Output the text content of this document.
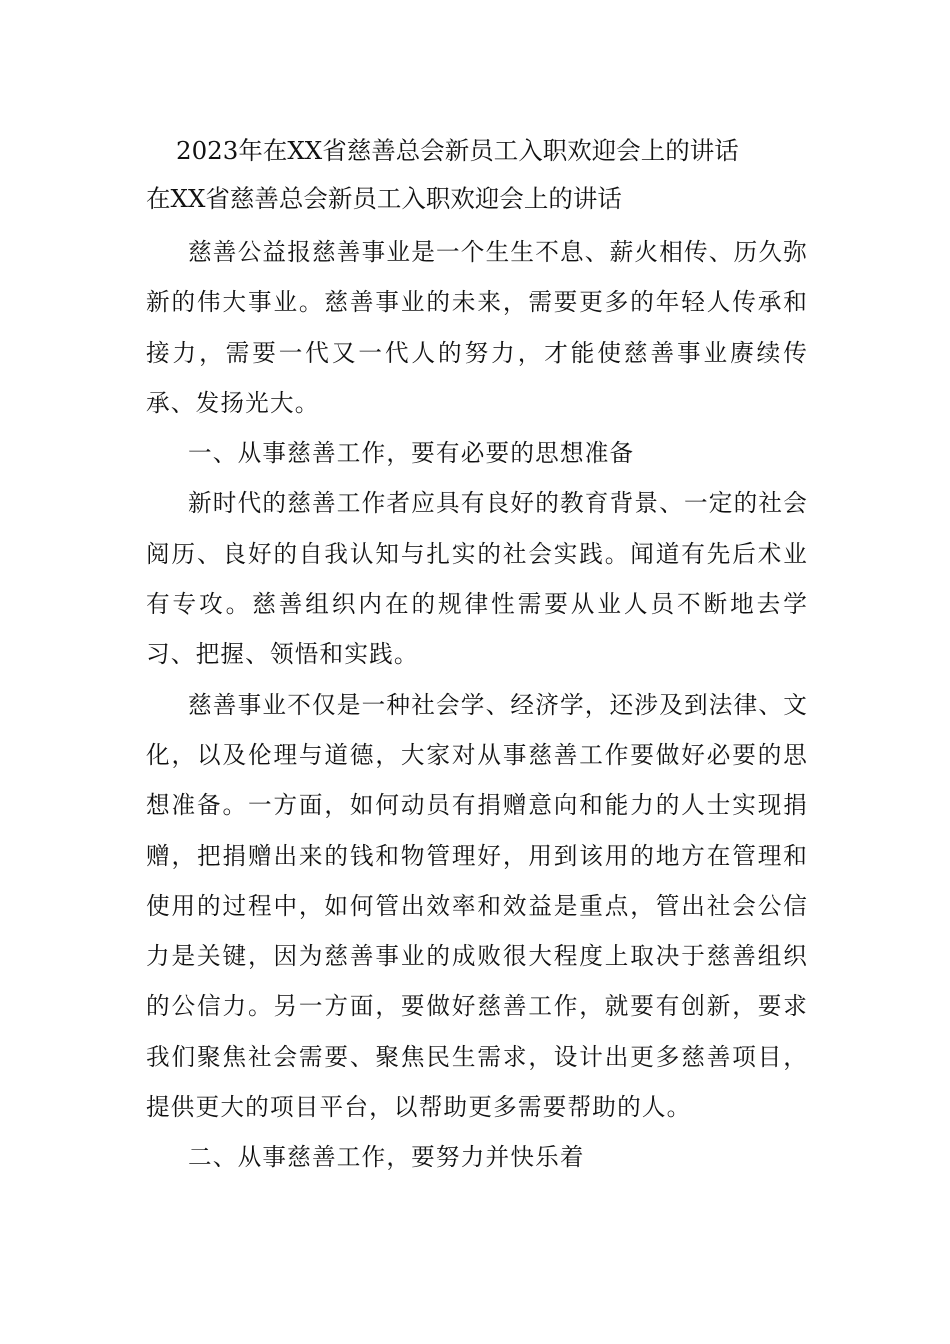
2023年在XX省慈善总会新员工入职欢迎会上的讲话
在XX省慈善总会新员工入职欢迎会上的讲话

慈善公益报慈善事业是一个生生不息、薪火相传、历久弥新的伟大事业。慈善事业的未来，需要更多的年轻人传承和接力，需要一代又一代人的努力，才能使慈善事业赓续传承、发扬光大。

一、从事慈善工作，要有必要的思想准备

新时代的慈善工作者应具有良好的教育背景、一定的社会阅历、良好的自我认知与扎实的社会实践。闻道有先后术业有专攻。慈善组织内在的规律性需要从业人员不断地去学习、把握、领悟和实践。

慈善事业不仅是一种社会学、经济学，还涉及到法律、文化，以及伦理与道德，大家对从事慈善工作要做好必要的思想准备。一方面，如何动员有捐赠意向和能力的人士实现捐赠，把捐赠出来的钱和物管理好，用到该用的地方在管理和使用的过程中，如何管出效率和效益是重点，管出社会公信力是关键，因为慈善事业的成败很大程度上取决于慈善组织的公信力。另一方面，要做好慈善工作，就要有创新，要求我们聚焦社会需要、聚焦民生需求，设计出更多慈善项目，提供更大的项目平台，以帮助更多需要帮助的人。

二、从事慈善工作，要努力并快乐着
